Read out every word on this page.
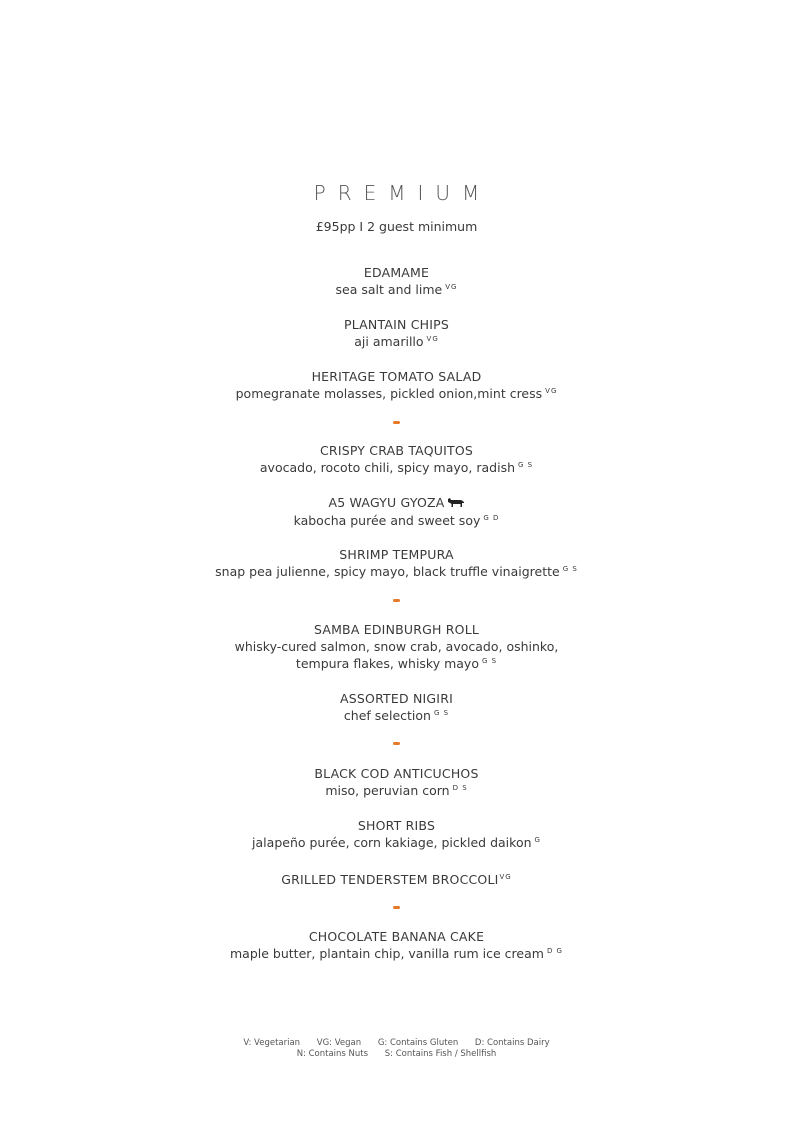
PREMIUM
£95pp I 2 guest minimum
EDAMAME
sea salt and lime $^{VG}$
PLANTAIN CHIPS
aji amarillo $^{VG}$
HERITAGE TOMATO SALAD
pomegranate molasses, pickled onion,mint cress $^{VG}$
CRISPY CRAB TAQUITOS
avocado, rocoto chili, spicy mayo, radish $^{G S}$
A5 WAGYU GYOZA
kabocha purée and sweet soy $^{G D}$
SHRIMP TEMPURA
snap pea julienne, spicy mayo, black truffle vinaigrette $^{G S}$
SAMBA EDINBURGH ROLL
whisky-cured salmon, snow crab, avocado, oshinko,
tempura flakes, whisky mayo $^{G S}$
ASSORTED NIGIRI
chef selection $^{G S}$
BLACK COD ANTICUCHOS
miso, peruvian corn $^{D S}$
SHORT RIBS
jalapeño purée, corn kakiage, pickled daikon $^G$
GRILLED TENDERSTEM $BROCCOLI^{VG}$
CHOCOLATE BANANA CAKE
maple butter, plantain chip, vanilla rum ice cream $^{D G}$
V: Vegetarian VG: Vegan G: Contains Gluten D: Contains Dairy
N: Contains Nuts S: Contains Fish / Shellfish
